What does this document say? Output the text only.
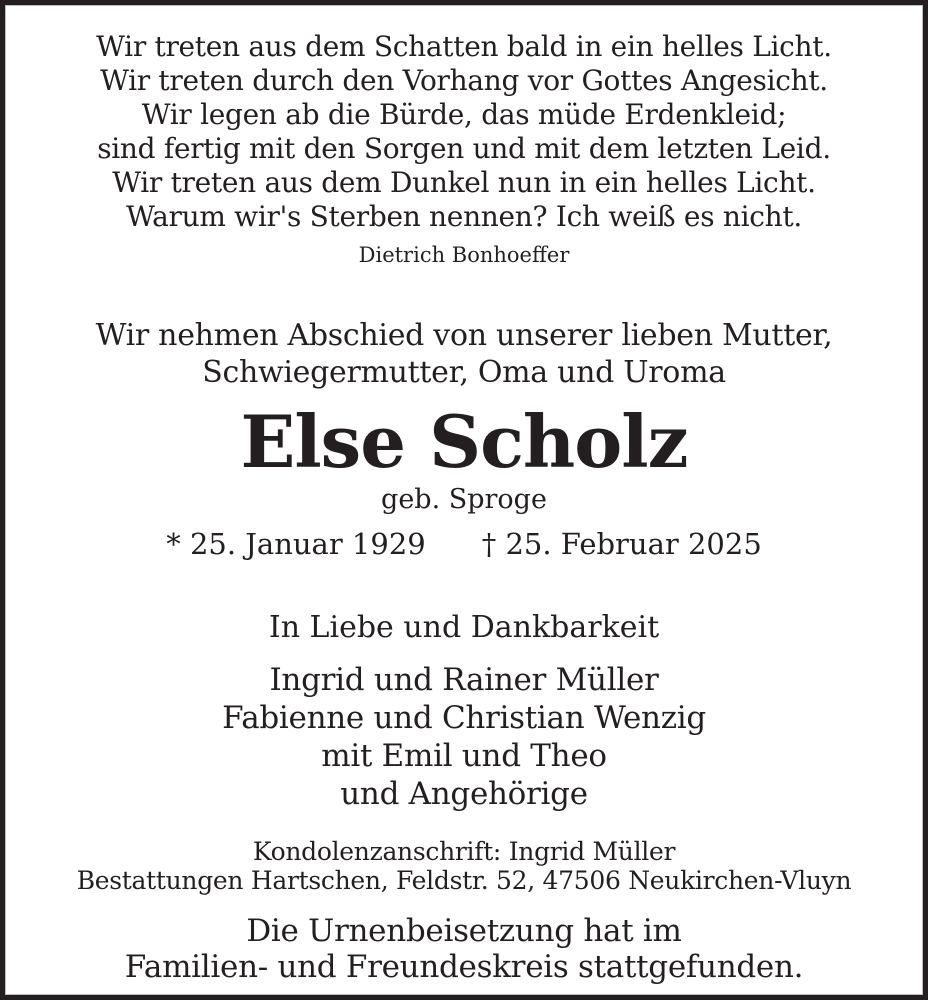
Wir treten aus dem Schatten bald in ein helles Licht.

Wir treten durch den Vorhang vor Gottes Angesicht.

Wir legen ab die Bürde, das müde Erdenkleid;

sind fertig mit den Sorgen und mit dem letzten Leid.

Wir treten aus dem Dunkel nun in ein helles Licht.

Warum wir's Sterben nennen? Ich weiß es nicht.

Dietrich Bonhoeffer

Wir nehmen Abschied von unserer lieben Mutter,

Schwiegermutter, Oma und Uroma

Else Scholz

geb. Sproge

* 25. Januar 1929 † 25. Februar 2025

In Liebe und Dankbarkeit

Ingrid und Rainer Müller

Fabienne und Christian Wenzig

mit Emil und Theo

und Angehörige

Kondolenzanschrift: Ingrid Müller

Bestattungen Hartschen, Feldstr. 52, 47506 Neukirchen-Vluyn

Die Urnenbeisetzung hat im

Familien- und Freundeskreis stattgefunden.
